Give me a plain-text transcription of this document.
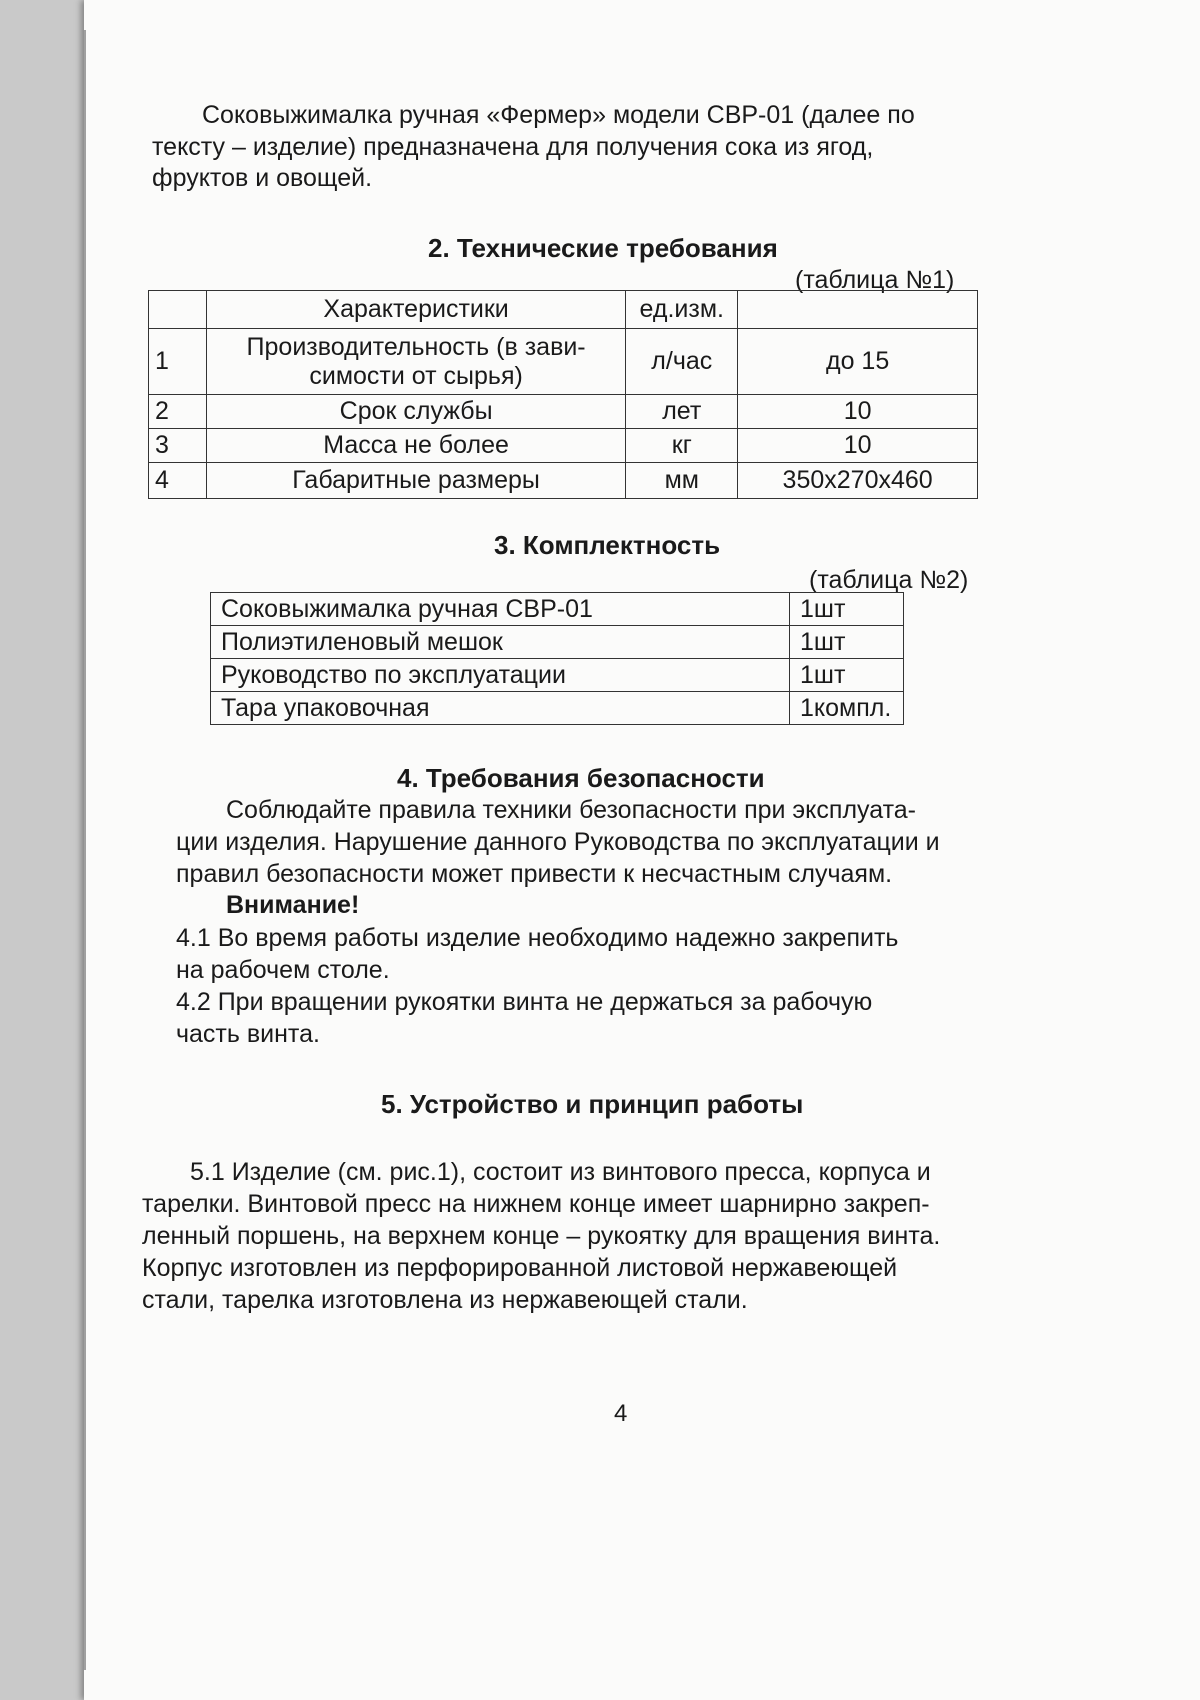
Соковыжималка ручная «Фермер» модели СВР-01 (далее по
тексту – изделие) предназначена для получения сока из ягод,
фруктов и овощей.
2. Технические требования
(таблица №1)
	Характеристики	ед.изм.	
1	Производительность (в зави-
симости от сырья)	л/час	до 15
2	Срок службы	лет	10
3	Масса не более	кг	10
4	Габаритные размеры	мм	350х270х460
3. Комплектность
(таблица №2)
Соковыжималка ручная СВР-01	1шт
Полиэтиленовый мешок	1шт
Руководство по эксплуатации	1шт
Тара упаковочная	1компл.
4. Требования безопасности
Соблюдайте правила техники безопасности при эксплуата-
ции изделия. Нарушение данного Руководства по эксплуатации и
правил безопасности может привести к несчастным случаям.
Внимание!
4.1 Во время работы изделие необходимо надежно закрепить
на рабочем столе.
4.2 При вращении рукоятки винта не держаться за рабочую
часть винта.
5. Устройство и принцип работы
5.1 Изделие (см. рис.1), состоит из винтового пресса, корпуса и
тарелки. Винтовой пресс на нижнем конце имеет шарнирно закреп-
ленный поршень, на верхнем конце – рукоятку для вращения винта.
Корпус изготовлен из перфорированной листовой нержавеющей
стали, тарелка изготовлена из нержавеющей стали.
4
